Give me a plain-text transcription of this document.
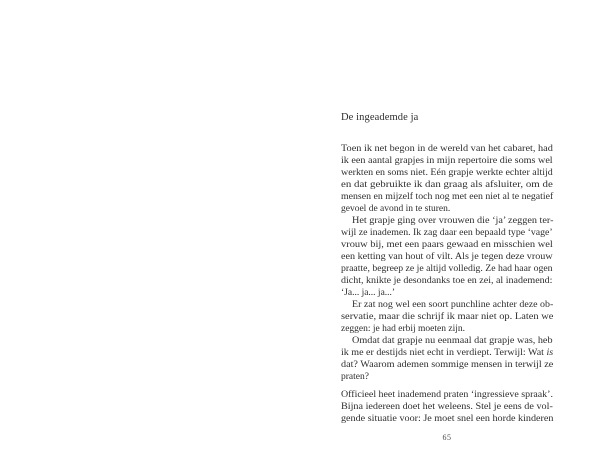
De ingeademde ja
Toen ik net begon in de wereld van het cabaret, had
ik een aantal grapjes in mijn repertoire die soms wel
werkten en soms niet. Eén grapje werkte echter altijd
en dat gebruikte ik dan graag als afsluiter, om de
mensen en mijzelf toch nog met een niet al te negatief
gevoel de avond in te sturen.
Het grapje ging over vrouwen die ‘ja’ zeggen ter-
wijl ze inademen. Ik zag daar een bepaald type ‘vage’
vrouw bij, met een paars gewaad en misschien wel
een ketting van hout of vilt. Als je tegen deze vrouw
praatte, begreep ze je altijd volledig. Ze had haar ogen
dicht, knikte je desondanks toe en zei, al inademend:
‘Ja... ja... ja...’
Er zat nog wel een soort punchline achter deze ob-
servatie, maar die schrijf ik maar niet op. Laten we
zeggen: je had erbij moeten zijn.
Omdat dat grapje nu eenmaal dat grapje was, heb
ik me er destijds niet echt in verdiept. Terwijl: Wat is
dat? Waarom ademen sommige mensen in terwijl ze
praten?
Officieel heet inademend praten ‘ingressieve spraak’.
Bijna iedereen doet het weleens. Stel je eens de vol-
gende situatie voor: Je moet snel een horde kinderen
65
